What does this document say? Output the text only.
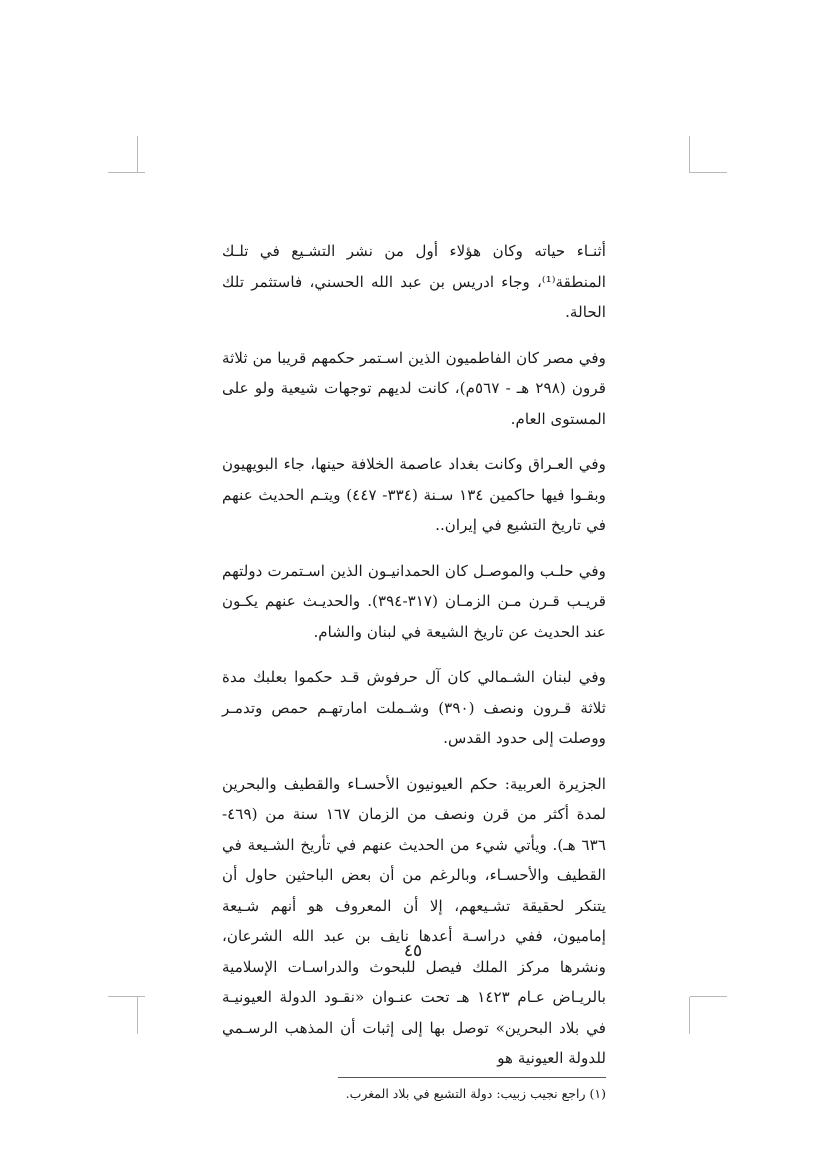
أثنـاء حياته وكان هؤلاء أول من نشر التشـيع في تلـك المنطقة⁽¹⁾، وجاء ادريس بن عبد الله الحسني، فاستثمر تلك الحالة.

وفي مصر كان الفاطميون الذين اسـتمر حكمهم قريبا من ثلاثة قرون (٢٩٨ هـ - ٥٦٧م)، كانت لديهم توجهات شيعية ولو على المستوى العام.

وفي العـراق وكانت بغداد عاصمة الخلافة حينها، جاء البويهيون وبقـوا فيها حاكمين ١٣٤ سـنة (٣٣٤- ٤٤٧) ويتـم الحديث عنهم في تاريخ التشيع في إيران..

وفي حلـب والموصـل كان الحمدانيـون الذين اسـتمرت دولتهم قريـب قـرن مـن الزمـان (٣١٧-٣٩٤). والحديـث عنهم يكـون عند الحديث عن تاريخ الشيعة في لبنان والشام.

وفي لبنان الشـمالي كان آل حرفوش قـد حكموا بعلبك مدة ثلاثة قـرون ونصف (٣٩٠) وشـملت امارتهـم حمص وتدمـر ووصلت إلى حدود القدس.

الجزيرة العربية: حكم العيونيون الأحسـاء والقطيف والبحرين لمدة أكثر من قرن ونصف من الزمان ١٦٧ سنة من (٤٦٩- ٦٣٦ هـ). ويأتي شيء من الحديث عنهم في تأريخ الشـيعة في القطيف والأحسـاء، وبالرغم من أن بعض الباحثين حاول أن يتنكر لحقيقة تشـيعهم، إلا أن المعروف هو أنهم شـيعة إماميون، ففي دراسـة أعدها نايف بن عبد الله الشرعان، ونشرها مركز الملك فيصل للبحوث والدراسـات الإسلامية بالريـاض عـام ١٤٢٣ هـ تحت عنـوان «نقـود الدولة العيونيـة في بلاد البحرين» توصل بها إلى إثبات أن المذهب الرسـمي للدولة العيونية هو

(١) راجع نجيب زبيب: دولة التشيع في بلاد المغرب.

٤٥
